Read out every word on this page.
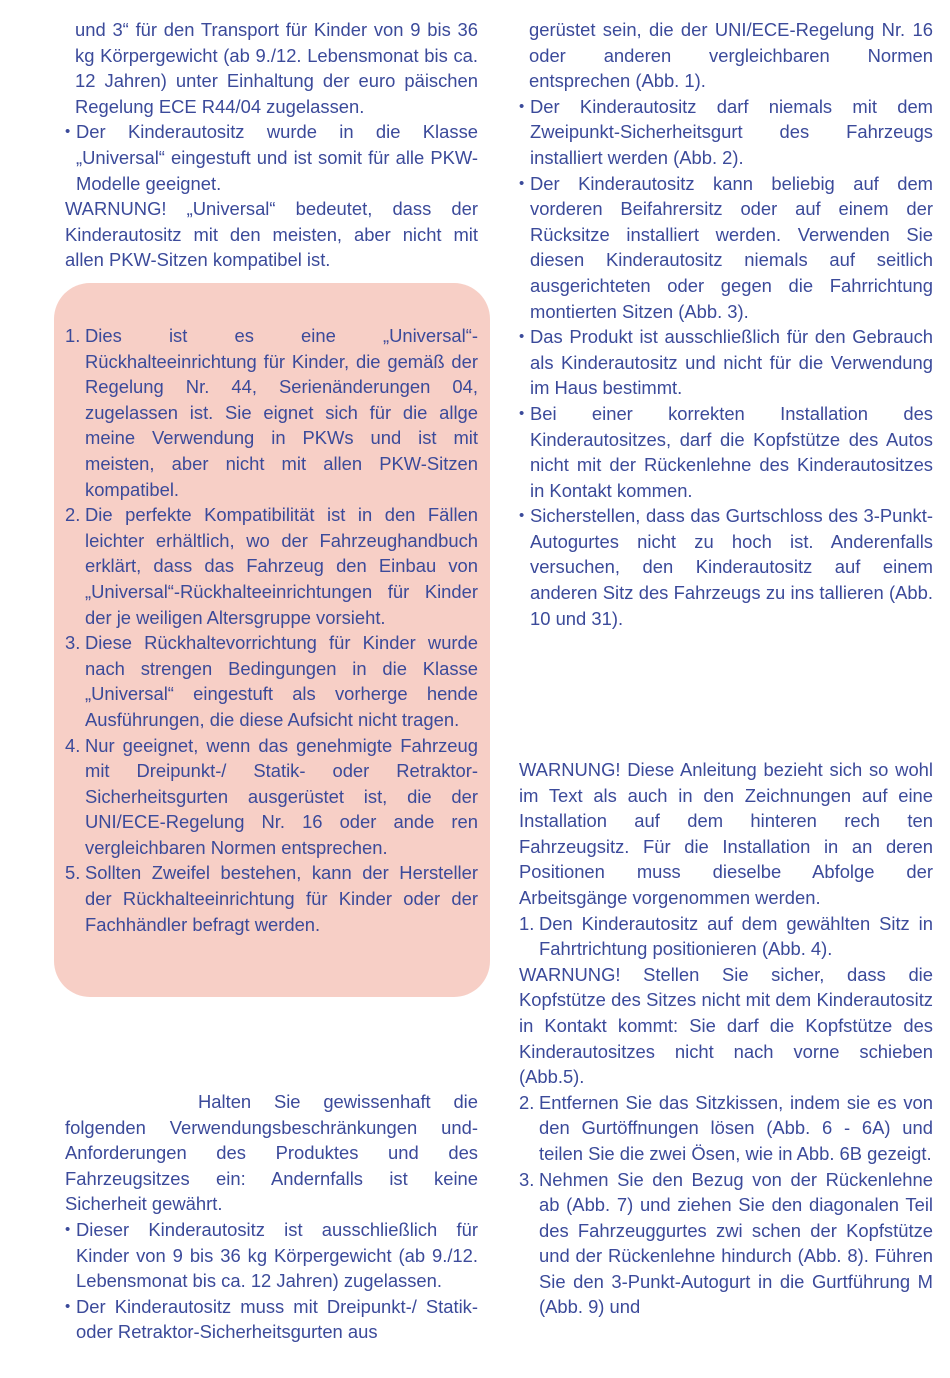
und 3“ für den Transport für Kinder von 9 bis 36 kg Körpergewicht (ab 9./12. Lebensmonat bis ca. 12 Jahren) unter Einhaltung der euro päischen Regelung ECE R44/04 zugelassen.

• Der Kinderautositz wurde in die Klasse „Universal“ eingestuft und ist somit für alle PKW-Modelle geeignet.

WARNUNG! „Universal“ bedeutet, dass der Kinderautositz mit den meisten, aber nicht mit allen PKW-Sitzen kompatibel ist.

1. Dies ist es eine „Universal“-Rückhalteeinrichtung für Kinder, die gemäß der Regelung Nr. 44, Serienänderungen 04, zugelassen ist. Sie eignet sich für die allge meine Verwendung in PKWs und ist mit meisten, aber nicht mit allen PKW-Sitzen kompatibel.
2. Die perfekte Kompatibilität ist in den Fällen leichter erhältlich, wo der Fahrzeughandbuch erklärt, dass das Fahrzeug den Einbau von „Universal“-Rückhalteeinrichtungen für Kinder der je weiligen Altersgruppe vorsieht.
3. Diese Rückhaltevorrichtung für Kinder wurde nach strengen Bedingungen in die Klasse „Universal“ eingestuft als vorherge hende Ausführungen, die diese Aufsicht nicht tragen.
4. Nur geeignet, wenn das genehmigte Fahrzeug mit Dreipunkt-/ Statik- oder Retraktor-Sicherheitsgurten ausgerüstet ist, die der UNI/ECE-Regelung Nr. 16 oder ande ren vergleichbaren Normen entsprechen.
5. Sollten Zweifel bestehen, kann der Hersteller der Rückhalteeinrichtung für Kinder oder der Fachhändler befragt werden.

Halten Sie gewissenhaft die folgenden Verwendungsbeschränkungen und-Anforderungen des Produktes und des Fahrzeugsitzes ein: Andernfalls ist keine Sicherheit gewährt.

• Dieser Kinderautositz ist ausschließlich für Kinder von 9 bis 36 kg Körpergewicht (ab 9./12. Lebensmonat bis ca. 12 Jahren) zugelassen.
• Der Kinderautositz muss mit Dreipunkt-/ Statik- oder Retraktor-Sicherheitsgurten aus

gerüstet sein, die der UNI/ECE-Regelung Nr. 16 oder anderen vergleichbaren Normen entsprechen (Abb. 1).

• Der Kinderautositz darf niemals mit dem Zweipunkt-Sicherheitsgurt des Fahrzeugs installiert werden (Abb. 2).
• Der Kinderautositz kann beliebig auf dem vorderen Beifahrersitz oder auf einem der Rücksitze installiert werden. Verwenden Sie diesen Kinderautositz niemals auf seitlich ausgerichteten oder gegen die Fahrrichtung montierten Sitzen (Abb. 3).
• Das Produkt ist ausschließlich für den Gebrauch als Kinderautositz und nicht für die Verwendung im Haus bestimmt.
• Bei einer korrekten Installation des Kinderautositzes, darf die Kopfstütze des Autos nicht mit der Rückenlehne des Kinderautositzes in Kontakt kommen.
• Sicherstellen, dass das Gurtschloss des 3-Punkt-Autogurtes nicht zu hoch ist. Anderenfalls versuchen, den Kinderautositz auf einem anderen Sitz des Fahrzeugs zu ins tallieren (Abb. 10 und 31).

WARNUNG! Diese Anleitung bezieht sich so wohl im Text als auch in den Zeichnungen auf eine Installation auf dem hinteren rech ten Fahrzeugsitz. Für die Installation in an deren Positionen muss dieselbe Abfolge der Arbeitsgänge vorgenommen werden.

1. Den Kinderautositz auf dem gewählten Sitz in Fahrtrichtung positionieren (Abb. 4).

WARNUNG! Stellen Sie sicher, dass die Kopfstütze des Sitzes nicht mit dem Kinderautositz in Kontakt kommt: Sie darf die Kopfstütze des Kinderautositzes nicht nach vorne schieben (Abb.5).

2. Entfernen Sie das Sitzkissen, indem sie es von den Gurtöffnungen lösen (Abb. 6 - 6A) und teilen Sie die zwei Ösen, wie in Abb. 6B gezeigt.
3. Nehmen Sie den Bezug von der Rückenlehne ab (Abb. 7) und ziehen Sie den diagonalen Teil des Fahrzeuggurtes zwi schen der Kopfstütze und der Rückenlehne hindurch (Abb. 8). Führen Sie den 3-Punkt-Autogurt in die Gurtführung M (Abb. 9) und
